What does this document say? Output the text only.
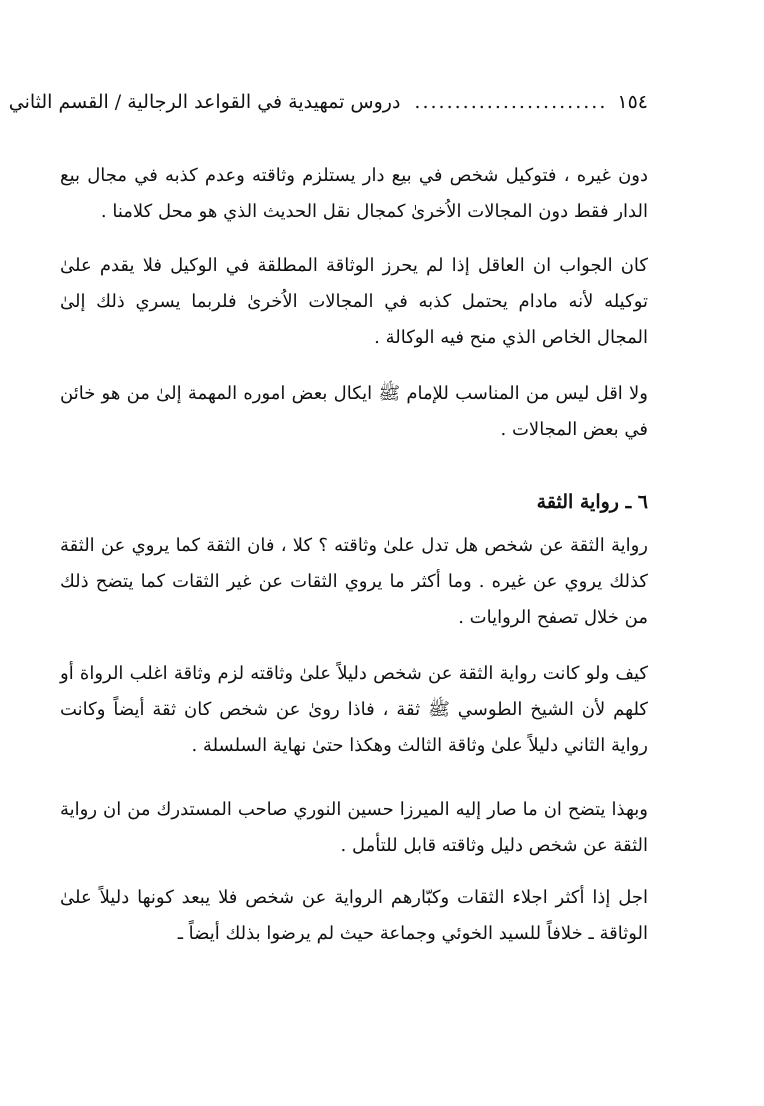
١٥٤
........................
دروس تمهيدية في القواعد الرجالية / القسم الثاني

دون غيره ، فتوكيل شخص في بيع دار يستلزم وثاقته وعدم كذبه في مجال بيع الدار فقط دون المجالات الاُخرىٰ كمجال نقل الحديث الذي هو محل كلامنا .

كان الجواب ان العاقل إذا لم يحرز الوثاقة المطلقة في الوكيل فلا يقدم علىٰ توكيله لأنه مادام يحتمل كذبه في المجالات الاُخرىٰ فلربما يسري ذلك إلىٰ المجال الخاص الذي منح فيه الوكالة .

ولا اقل ليس من المناسب للإمام ﷺ ايكال بعض اموره المهمة إلىٰ من هو خائن في بعض المجالات .

٦ ـ رواية الثقة

رواية الثقة عن شخص هل تدل علىٰ وثاقته ؟ كلا ، فان الثقة كما يروي عن الثقة كذلك يروي عن غيره . وما أكثر ما يروي الثقات عن غير الثقات كما يتضح ذلك من خلال تصفح الروايات .

كيف ولو كانت رواية الثقة عن شخص دليلاً علىٰ وثاقته لزم وثاقة اغلب الرواة أو كلهم لأن الشيخ الطوسي ﷺ ثقة ، فاذا روىٰ عن شخص كان ثقة أيضاً وكانت رواية الثاني دليلاً علىٰ وثاقة الثالث وهكذا حتىٰ نهاية السلسلة .

وبهذا يتضح ان ما صار إليه الميرزا حسين النوري صاحب المستدرك من ان رواية الثقة عن شخص دليل وثاقته قابل للتأمل .

اجل إذا أكثر اجلاء الثقات وكبّارهم الرواية عن شخص فلا يبعد كونها دليلاً علىٰ الوثاقة ـ خلافاً للسيد الخوئي وجماعة حيث لم يرضوا بذلك أيضاً ـ
